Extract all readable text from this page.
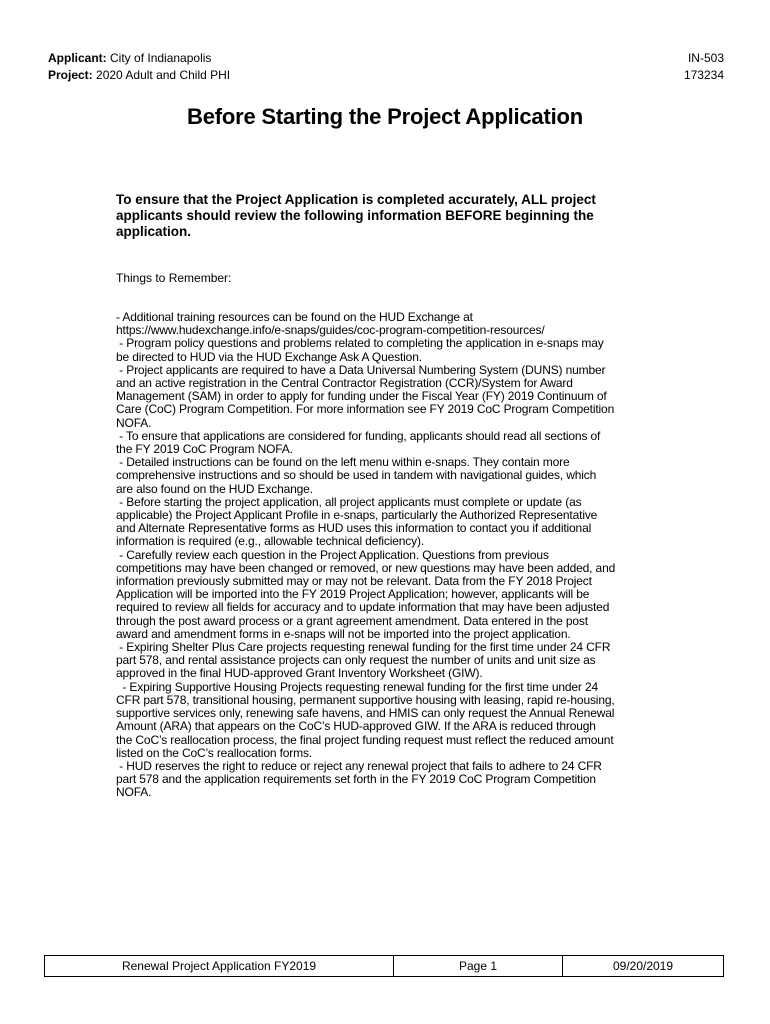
Applicant: City of Indianapolis	IN-503
Project: 2020 Adult and Child PHI	173234
Before Starting the Project Application

To ensure that the Project Application is completed accurately, ALL project applicants should review the following information BEFORE beginning the application.

Things to Remember:

- Additional training resources can be found on the HUD Exchange at
https://www.hudexchange.info/e-snaps/guides/coc-program-competition-resources/
- Program policy questions and problems related to completing the application in e-snaps may
be directed to HUD via the HUD Exchange Ask A Question.
- Project applicants are required to have a Data Universal Numbering System (DUNS) number
and an active registration in the Central Contractor Registration (CCR)/System for Award
Management (SAM) in order to apply for funding under the Fiscal Year (FY) 2019 Continuum of
Care (CoC) Program Competition. For more information see FY 2019 CoC Program Competition
NOFA.
- To ensure that applications are considered for funding, applicants should read all sections of
the FY 2019 CoC Program NOFA.
- Detailed instructions can be found on the left menu within e-snaps. They contain more
comprehensive instructions and so should be used in tandem with navigational guides, which
are also found on the HUD Exchange.
- Before starting the project application, all project applicants must complete or update (as
applicable) the Project Applicant Profile in e-snaps, particularly the Authorized Representative
and Alternate Representative forms as HUD uses this information to contact you if additional
information is required (e.g., allowable technical deficiency).
- Carefully review each question in the Project Application. Questions from previous
competitions may have been changed or removed, or new questions may have been added, and
information previously submitted may or may not be relevant. Data from the FY 2018 Project
Application will be imported into the FY 2019 Project Application; however, applicants will be
required to review all fields for accuracy and to update information that may have been adjusted
through the post award process or a grant agreement amendment. Data entered in the post
award and amendment forms in e-snaps will not be imported into the project application.
- Expiring Shelter Plus Care projects requesting renewal funding for the first time under 24 CFR
part 578, and rental assistance projects can only request the number of units and unit size as
approved in the final HUD-approved Grant Inventory Worksheet (GIW).
- Expiring Supportive Housing Projects requesting renewal funding for the first time under 24
CFR part 578, transitional housing, permanent supportive housing with leasing, rapid re-housing,
supportive services only, renewing safe havens, and HMIS can only request the Annual Renewal
Amount (ARA) that appears on the CoC’s HUD-approved GIW. If the ARA is reduced through
the CoC’s reallocation process, the final project funding request must reflect the reduced amount
listed on the CoC’s reallocation forms.
- HUD reserves the right to reduce or reject any renewal project that fails to adhere to 24 CFR
part 578 and the application requirements set forth in the FY 2019 CoC Program Competition
NOFA.
Renewal Project Application FY2019	Page 1	09/20/2019
